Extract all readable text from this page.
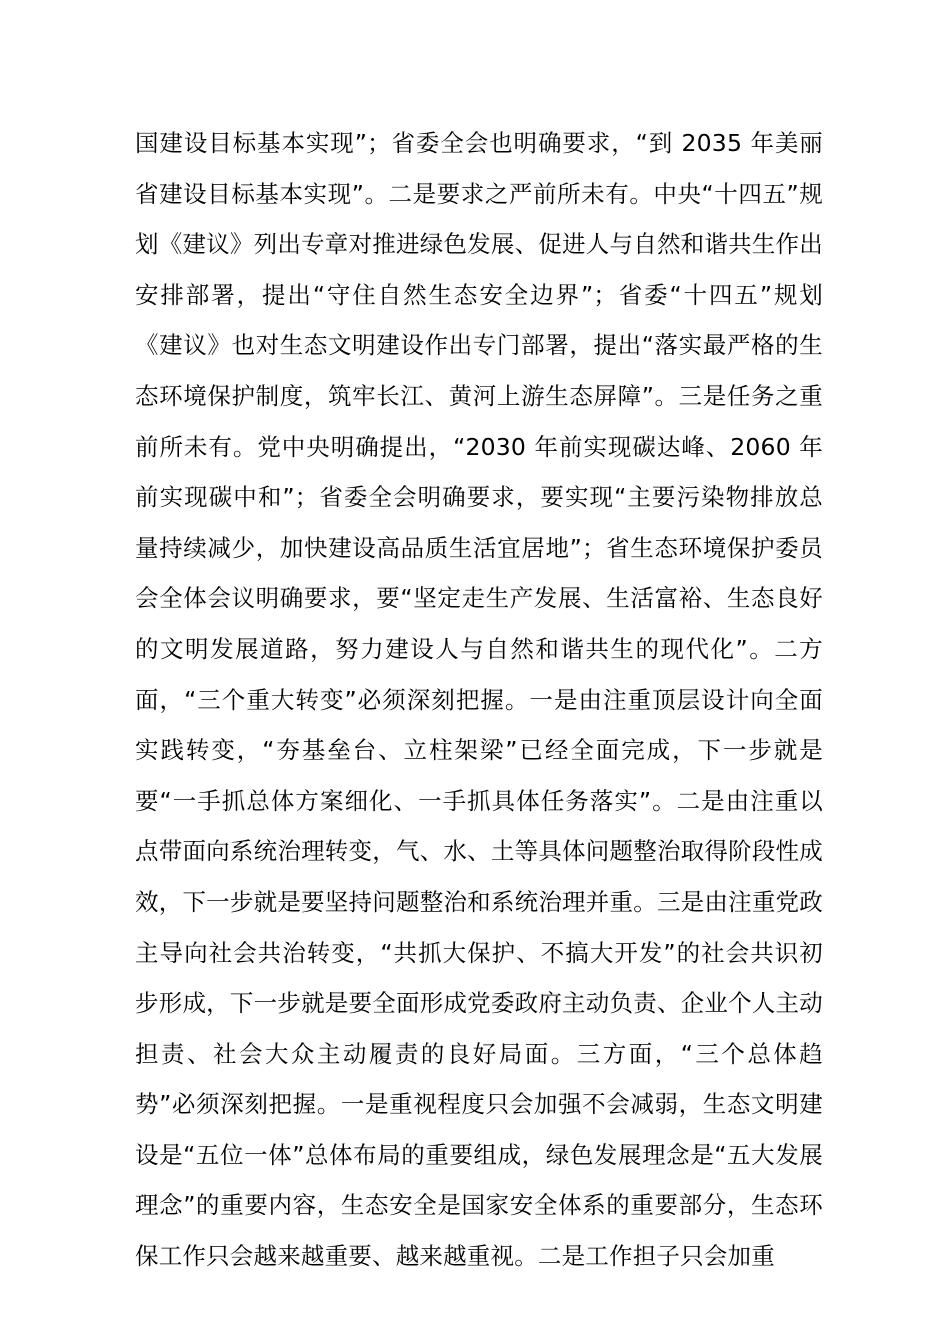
国建设目标基本实现”；省委全会也明确要求，“到 2035 年美丽省建设目标基本实现”。二是要求之严前所未有。中央“十四五”规划《建议》列出专章对推进绿色发展、促进人与自然和谐共生作出安排部署，提出“守住自然生态安全边界”；省委“十四五”规划《建议》也对生态文明建设作出专门部署，提出“落实最严格的生态环境保护制度，筑牢长江、黄河上游生态屏障”。三是任务之重前所未有。党中央明确提出，“2030 年前实现碳达峰、2060 年前实现碳中和”；省委全会明确要求，要实现“主要污染物排放总量持续减少，加快建设高品质生活宜居地”；省生态环境保护委员会全体会议明确要求，要“坚定走生产发展、生活富裕、生态良好的文明发展道路，努力建设人与自然和谐共生的现代化”。二方面，“三个重大转变”必须深刻把握。一是由注重顶层设计向全面实践转变，“夯基垒台、立柱架梁”已经全面完成，下一步就是要“一手抓总体方案细化、一手抓具体任务落实”。二是由注重以点带面向系统治理转变，气、水、土等具体问题整治取得阶段性成效，下一步就是要坚持问题整治和系统治理并重。三是由注重党政主导向社会共治转变，“共抓大保护、不搞大开发”的社会共识初步形成，下一步就是要全面形成党委政府主动负责、企业个人主动担责、社会大众主动履责的良好局面。三方面，“三个总体趋势”必须深刻把握。一是重视程度只会加强不会减弱，生态文明建设是“五位一体”总体布局的重要组成，绿色发展理念是“五大发展理念”的重要内容，生态安全是国家安全体系的重要部分，生态环保工作只会越来越重要、越来越重视。二是工作担子只会加重
